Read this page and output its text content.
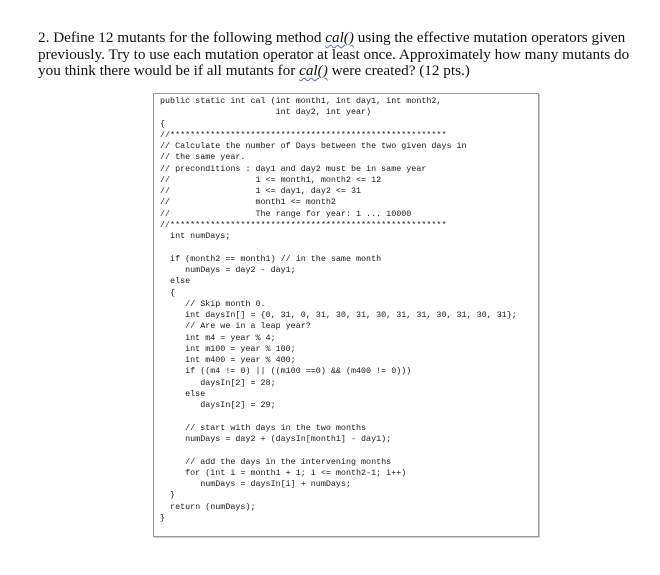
2. Define 12 mutants for the following method cal() using the effective mutation operators given previously. Try to use each mutation operator at least once. Approximately how many mutants do you think there would be if all mutants for cal() were created? (12 pts.)
public static int cal (int month1, int day1, int month2,
int day2, int year)
{
//*******************************************************
// Calculate the number of Days between the two given days in
// the same year.
// preconditions : day1 and day2 must be in same year
//                 1 <= month1, month2 <= 12
//                 1 <= day1, day2 <= 31
//                 month1 <= month2
//                 The range for year: 1 ... 10000
//*******************************************************
int numDays;
if (month2 == month1) // in the same month
numDays = day2 - day1;
else
{
// Skip month 0.
int daysIn[] = {0, 31, 0, 31, 30, 31, 30, 31, 31, 30, 31, 30, 31};
// Are we in a leap year?
int m4 = year % 4;
int m100 = year % 100;
int m400 = year % 400;
if ((m4 != 0) || ((m100 ==0) && (m400 != 0)))
daysIn[2] = 28;
else
daysIn[2] = 29;
// start with days in the two months
numDays = day2 + (daysIn[month1] - day1);
// add the days in the intervening months
for (int i = month1 + 1; i <= month2-1; i++)
numDays = daysIn[i] + numDays;
}
return (numDays);
}
